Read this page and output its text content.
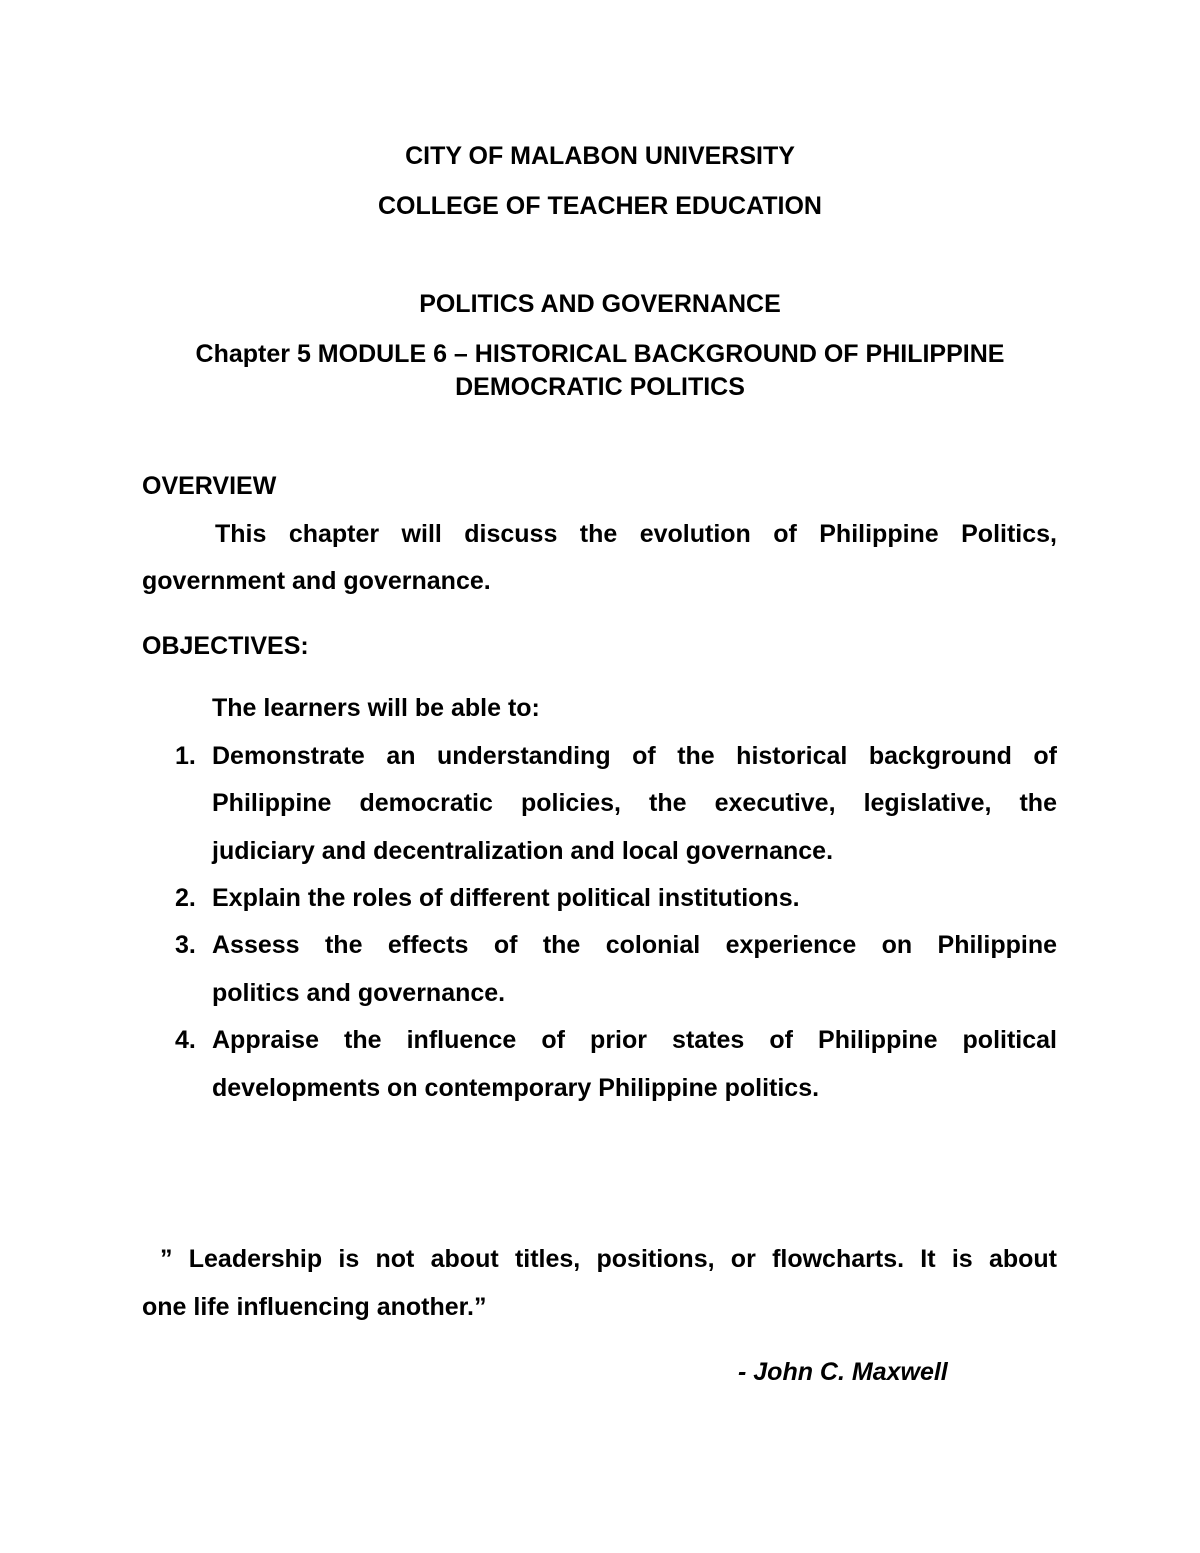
CITY OF MALABON UNIVERSITY
COLLEGE OF TEACHER EDUCATION
POLITICS AND GOVERNANCE
Chapter 5 MODULE 6 – HISTORICAL BACKGROUND OF PHILIPPINE
DEMOCRATIC POLITICS
OVERVIEW
This chapter will discuss the evolution of Philippine Politics,
government and governance.
OBJECTIVES:
The learners will be able to:
1. Demonstrate an understanding of the historical background of
Philippine democratic policies, the executive, legislative, the
judiciary and decentralization and local governance.
2. Explain the roles of different political institutions.
3. Assess the effects of the colonial experience on Philippine
politics and governance.
4. Appraise the influence of prior states of Philippine political
developments on contemporary Philippine politics.
” Leadership is not about titles, positions, or flowcharts. It is about
one life influencing another.”
- John C. Maxwell
